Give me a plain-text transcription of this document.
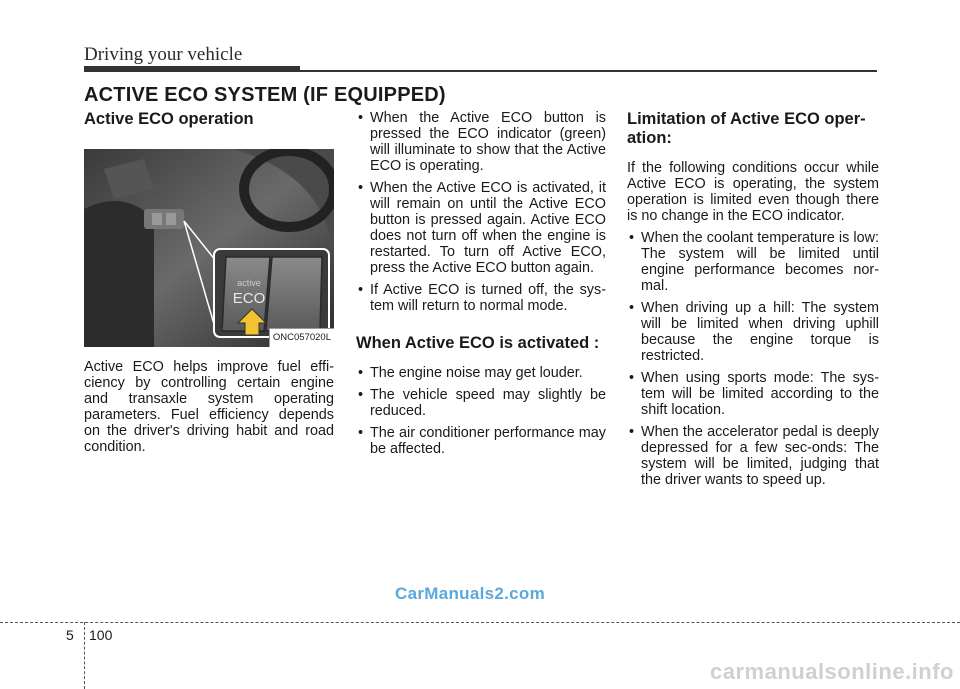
Driving your vehicle
ACTIVE ECO SYSTEM (IF EQUIPPED)
Active ECO operation
active
ECO
ONC057020L

Active ECO helps improve fuel effi-ciency by controlling certain engine and transaxle system operating parameters. Fuel efficiency depends on the driver's driving habit and road condition.

• When the Active ECO button is pressed the ECO indicator (green) will illuminate to show that the Active ECO is operating.
• When the Active ECO is activated, it will remain on until the Active ECO button is pressed again. Active ECO does not turn off when the engine is restarted. To turn off Active ECO, press the Active ECO button again.
• If Active ECO is turned off, the sys-tem will return to normal mode.
When Active ECO is activated :
• The engine noise may get louder.
• The vehicle speed may slightly be reduced.
• The air conditioner performance may be affected.
Limitation of Active ECO oper-ation:

If the following conditions occur while Active ECO is operating, the system operation is limited even though there is no change in the ECO indicator.

• When the coolant temperature is low: The system will be limited until engine performance becomes nor-mal.
• When driving up a hill: The system will be limited when driving uphill because the engine torque is restricted.
• When using sports mode: The sys-tem will be limited according to the shift location.
• When the accelerator pedal is deeply depressed for a few sec-onds: The system will be limited, judging that the driver wants to speed up.
CarManuals2.com
5 100
carmanualsonline.info
